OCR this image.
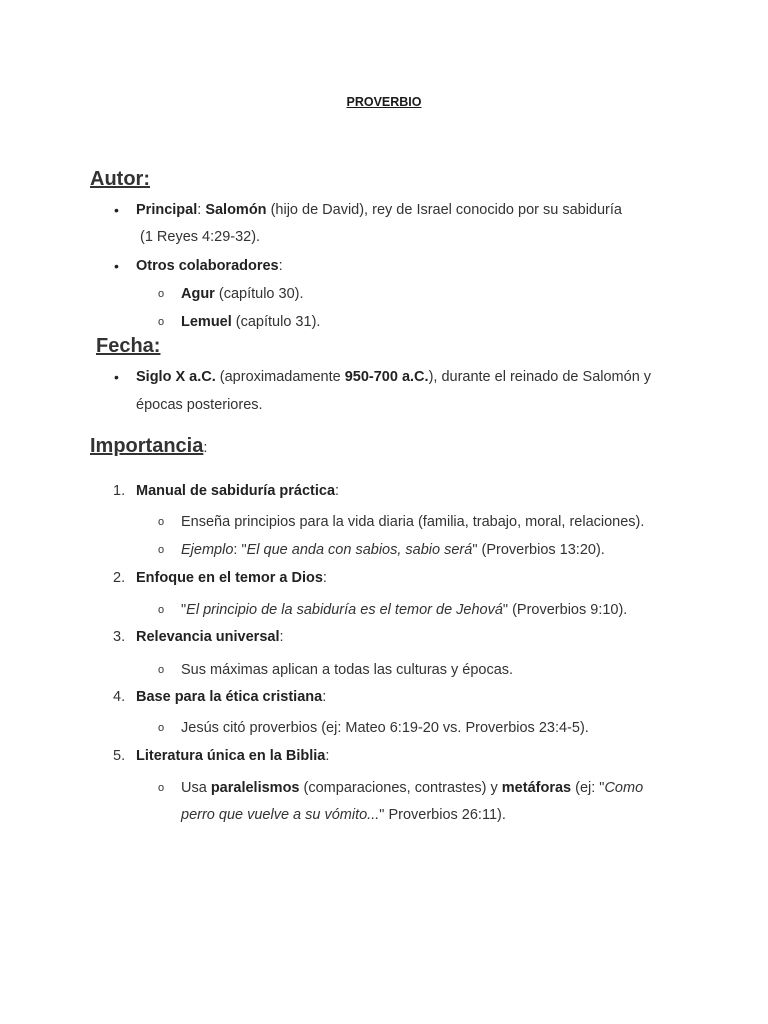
PROVERBIO
Autor:
• Principal: Salomón (hijo de David), rey de Israel conocido por su sabiduría
(1 Reyes 4:29-32).
• Otros colaboradores:
o Agur (capítulo 30).
o Lemuel (capítulo 31).
Fecha:
• Siglo X a.C. (aproximadamente 950-700 a.C.), durante el reinado de Salomón y
épocas posteriores.
Importancia:
1. Manual de sabiduría práctica:
o Enseña principios para la vida diaria (familia, trabajo, moral, relaciones).
o Ejemplo: "El que anda con sabios, sabio será" (Proverbios 13:20).
2. Enfoque en el temor a Dios:
o "El principio de la sabiduría es el temor de Jehová" (Proverbios 9:10).
3. Relevancia universal:
o Sus máximas aplican a todas las culturas y épocas.
4. Base para la ética cristiana:
o Jesús citó proverbios (ej: Mateo 6:19-20 vs. Proverbios 23:4-5).
5. Literatura única en la Biblia:
o Usa paralelismos (comparaciones, contrastes) y metáforas (ej: "Como
perro que vuelve a su vómito..." Proverbios 26:11).
